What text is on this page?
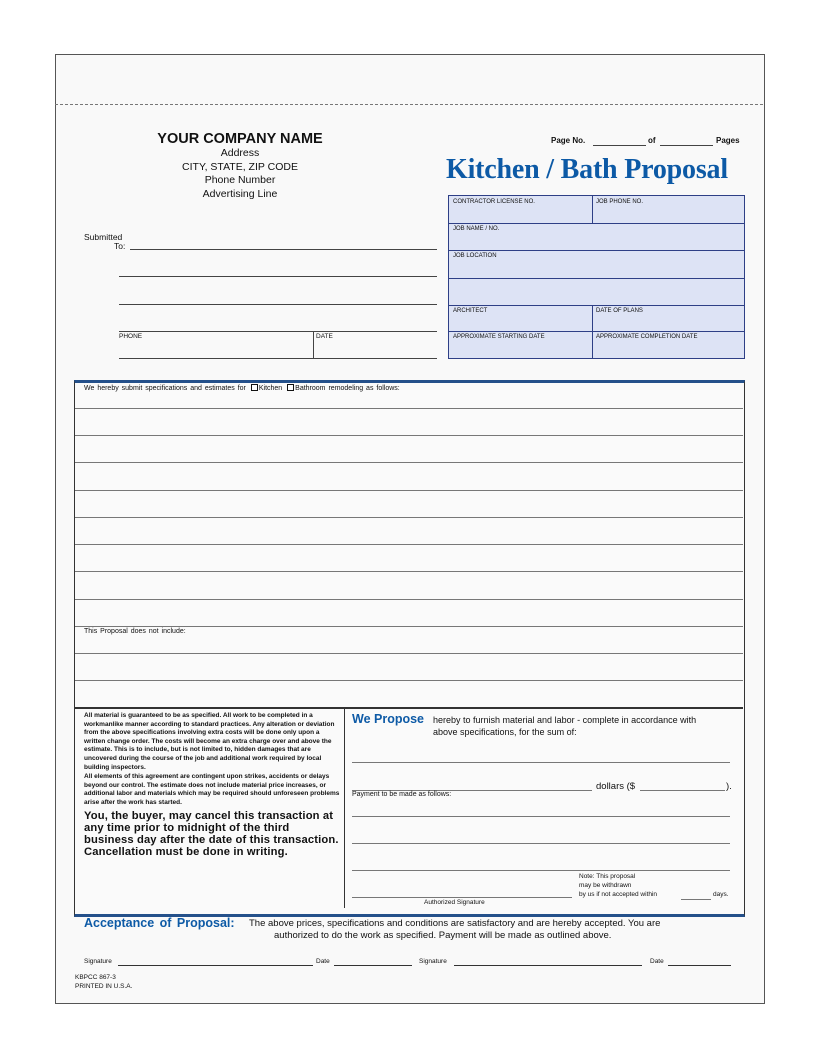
YOUR COMPANY NAME
Address
CITY, STATE, ZIP CODE
Phone Number
Advertising Line
Page No.	of	Pages
Kitchen / Bath Proposal
Submitted
To:
PHONE	DATE
CONTRACTOR LICENSE NO.	JOB PHONE NO.
JOB NAME / NO.
JOB LOCATION
ARCHITECT	DATE OF PLANS
APPROXIMATE STARTING DATE	APPROXIMATE COMPLETION DATE
We hereby submit specifications and estimates for Kitchen Bathroom remodeling as follows:
This Proposal does not include:
All material is guaranteed to be as specified. All work to be completed in a workmanlike manner according to standard practices. Any alteration or deviation from the above specifications involving extra costs will be done only upon a written change order. The costs will become an extra charge over and above the estimate. This is to include, but is not limited to, hidden damages that are uncovered during the course of the job and additional work required by local building inspectors.
All elements of this agreement are contingent upon strikes, accidents or delays beyond our control. The estimate does not include material price increases, or additional labor and materials which may be required should unforeseen problems arise after the work has started.
You, the buyer, may cancel this transaction at any time prior to midnight of the third business day after the date of this transaction. Cancellation must be done in writing.
We Propose hereby to furnish material and labor - complete in accordance with
above specifications, for the sum of:
dollars ($	).
Payment to be made as follows:
Note: This proposal
may be withdrawn
by us if not accepted within	days.
Authorized Signature
Acceptance of Proposal: The above prices, specifications and conditions are satisfactory and are hereby accepted. You are
authorized to do the work as specified. Payment will be made as outlined above.
Signature	Date	Signature	Date
KBPCC 867-3
PRINTED IN U.S.A.
